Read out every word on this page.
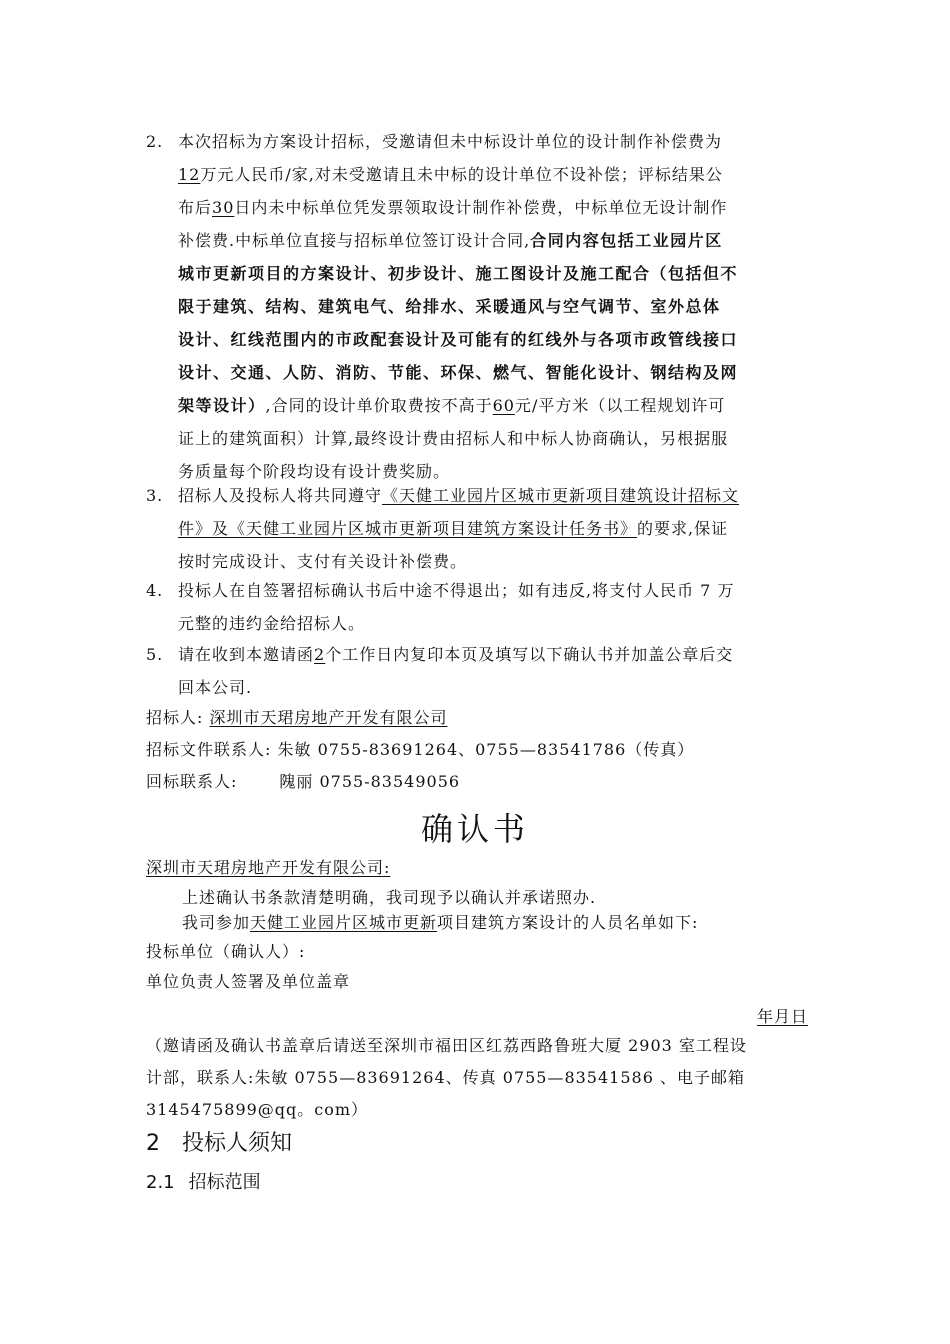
2. 本次招标为方案设计招标，受邀请但未中标设计单位的设计制作补偿费为
12万元人民币/家,对未受邀请且未中标的设计单位不设补偿；评标结果公
布后30日内未中标单位凭发票领取设计制作补偿费，中标单位无设计制作
补偿费.中标单位直接与招标单位签订设计合同,合同内容包括工业园片区
城市更新项目的方案设计、初步设计、施工图设计及施工配合（包括但不
限于建筑、结构、建筑电气、给排水、采暖通风与空气调节、室外总体
设计、红线范围内的市政配套设计及可能有的红线外与各项市政管线接口
设计、交通、人防、消防、节能、环保、燃气、智能化设计、钢结构及网
架等设计）,合同的设计单价取费按不高于60元/平方米（以工程规划许可
证上的建筑面积）计算,最终设计费由招标人和中标人协商确认，另根据服
务质量每个阶段均设有设计费奖励。
3. 招标人及投标人将共同遵守《天健工业园片区城市更新项目建筑设计招标文
件》及《天健工业园片区城市更新项目建筑方案设计任务书》的要求,保证
按时完成设计、支付有关设计补偿费。
4. 投标人在自签署招标确认书后中途不得退出；如有违反,将支付人民币 7 万
元整的违约金给招标人。
5. 请在收到本邀请函2个工作日内复印本页及填写以下确认书并加盖公章后交
回本公司.
招标人: 深圳市天珺房地产开发有限公司
招标文件联系人: 朱敏 0755-83691264、0755—83541786（传真）
回标联系人:	隗丽 0755-83549056
确认书
深圳市天珺房地产开发有限公司:
上述确认书条款清楚明确，我司现予以确认并承诺照办.
我司参加天健工业园片区城市更新项目建筑方案设计的人员名单如下:
投标单位（确认人）:
单位负责人签署及单位盖章
年月日
（邀请函及确认书盖章后请送至深圳市福田区红荔西路鲁班大厦 2903 室工程设
计部，联系人:朱敏 0755—83691264、传真 0755—83541586 、电子邮箱
3145475899@qq。com）
2 投标人须知
2.1 招标范围
